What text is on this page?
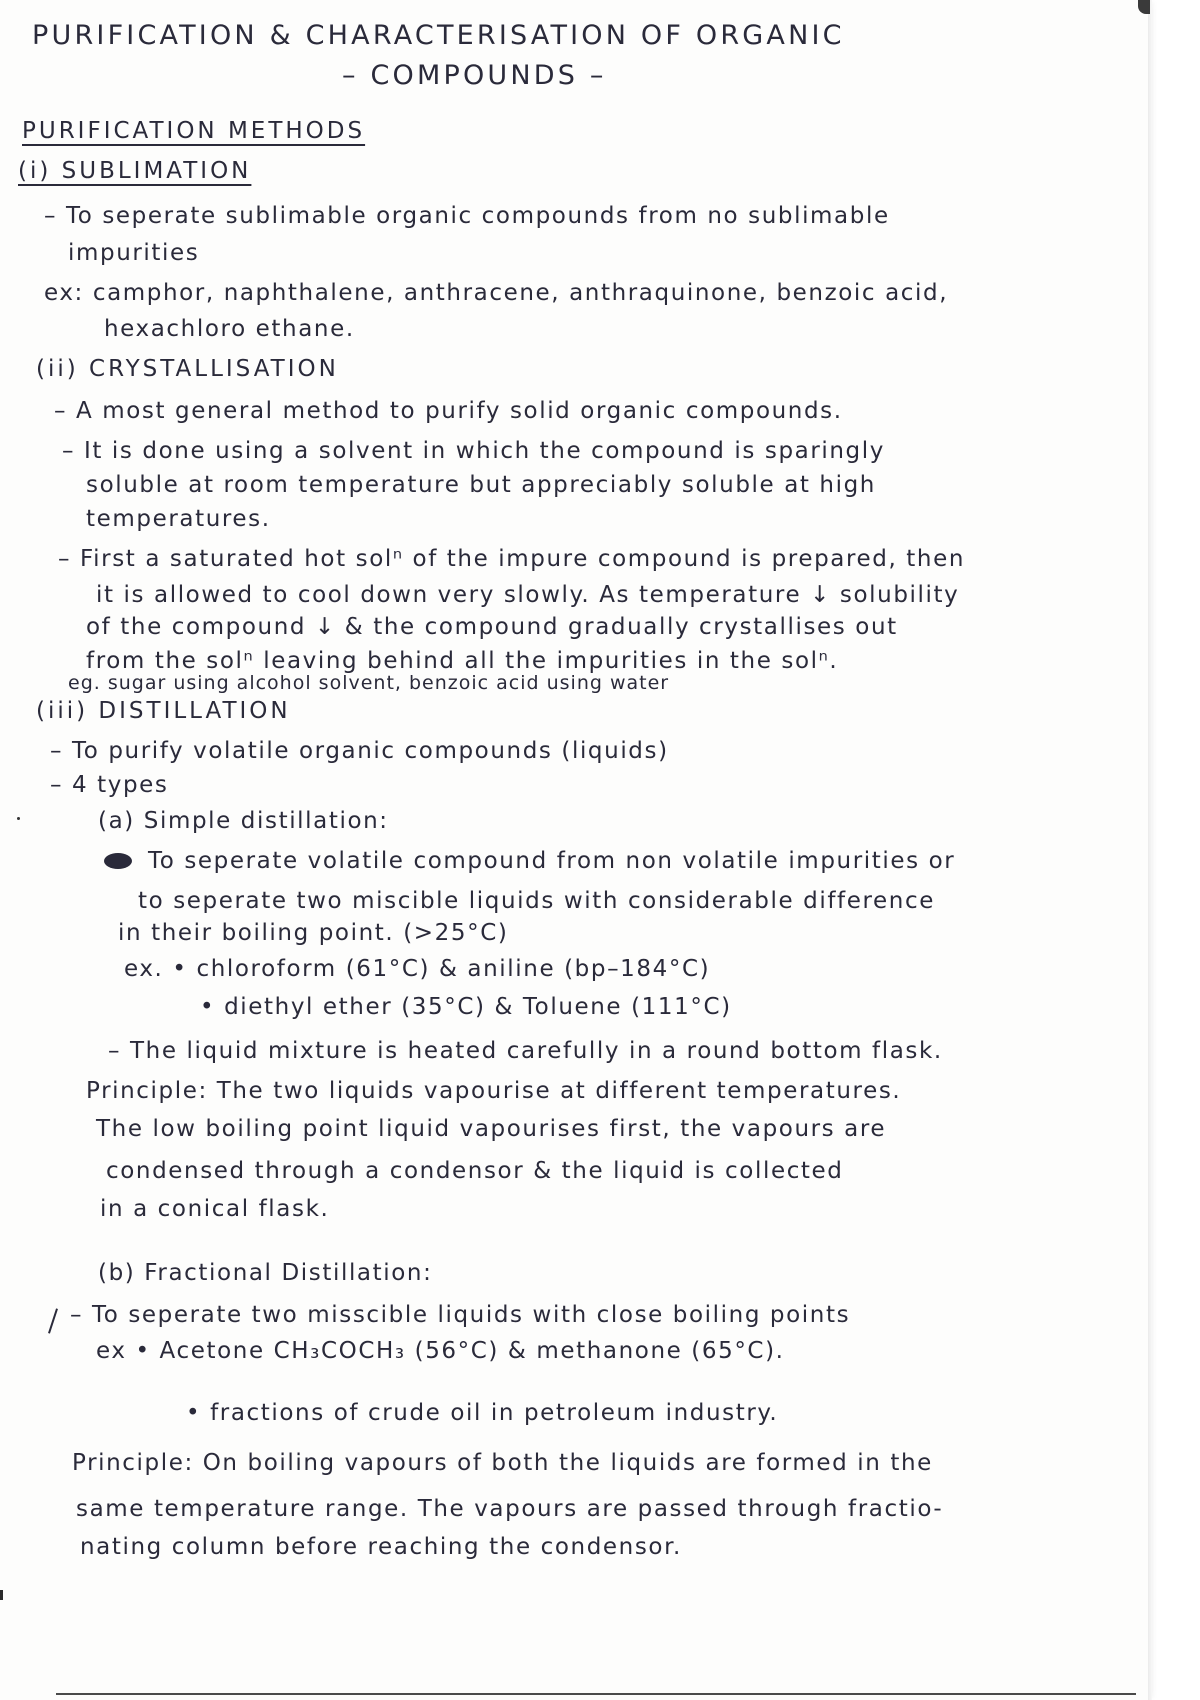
PURIFICATION & CHARACTERISATION OF ORGANIC
– COMPOUNDS –
PURIFICATION METHODS
(i) SUBLIMATION
– To seperate sublimable organic compounds from no sublimable
impurities
ex: camphor, naphthalene, anthracene, anthraquinone, benzoic acid,
hexachloro ethane.
(ii) CRYSTALLISATION
– A most general method to purify solid organic compounds.
– It is done using a solvent in which the compound is sparingly
soluble at room temperature but appreciably soluble at high
temperatures.
– First a saturated hot solⁿ of the impure compound is prepared, then
it is allowed to cool down very slowly. As temperature ↓ solubility
of the compound ↓ & the compound gradually crystallises out
from the solⁿ leaving behind all the impurities in the solⁿ.
eg. sugar using alcohol solvent, benzoic acid using water
(iii) DISTILLATION
– To purify volatile organic compounds (liquids)
– 4 types
(a) Simple distillation:
To seperate volatile compound from non volatile impurities or
to seperate two miscible liquids with considerable difference
in their boiling point. (>25°C)
ex. • chloroform (61°C) & aniline (bp–184°C)
• diethyl ether (35°C) & Toluene (111°C)
– The liquid mixture is heated carefully in a round bottom flask.
Principle: The two liquids vapourise at different temperatures.
The low boiling point liquid vapourises first, the vapours are
condensed through a condensor & the liquid is collected
in a conical flask.
(b) Fractional Distillation:
– To seperate two misscible liquids with close boiling points
ex • Acetone CH₃COCH₃ (56°C) & methanone (65°C).
• fractions of crude oil in petroleum industry.
Principle: On boiling vapours of both the liquids are formed in the
same temperature range. The vapours are passed through fractio-
nating column before reaching the condensor.
